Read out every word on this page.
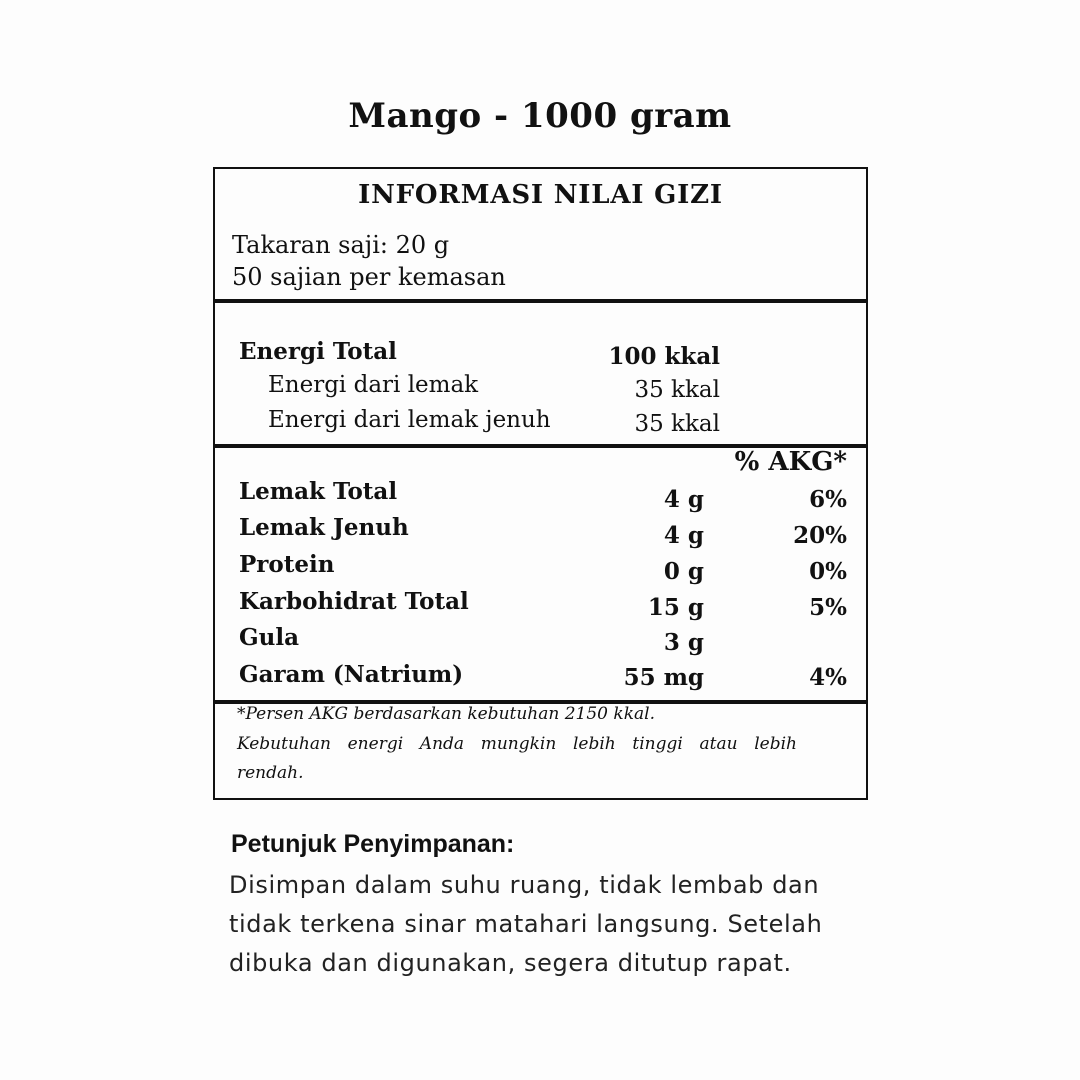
Mango - 1000 gram
INFORMASI NILAI GIZI
Takaran saji: 20 g
50 sajian per kemasan
Energi Total	100 kkal
Energi dari lemak	35 kkal
Energi dari lemak jenuh	35 kkal
% AKG*
Lemak Total	4 g	6%
Lemak Jenuh	4 g	20%
Protein	0 g	0%
Karbohidrat Total	15 g	5%
Gula	3 g
Garam (Natrium)	55 mg	4%
*Persen AKG berdasarkan kebutuhan 2150 kkal.
Kebutuhan energi Anda mungkin lebih tinggi atau lebih
rendah.
Petunjuk Penyimpanan:
Disimpan dalam suhu ruang, tidak lembab dan tidak terkena sinar matahari langsung. Setelah dibuka dan digunakan, segera ditutup rapat.
